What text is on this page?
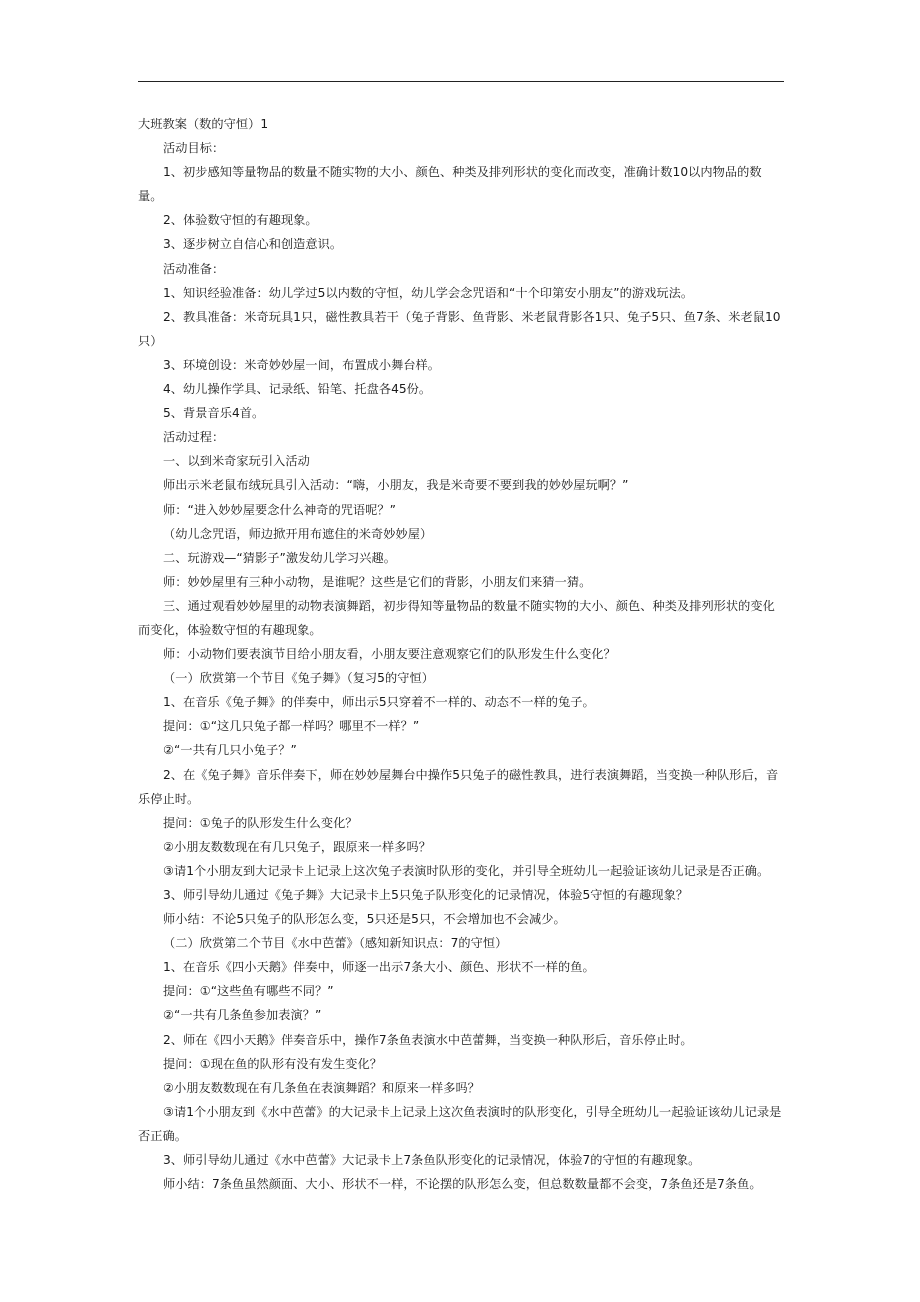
大班教案（数的守恒）1

活动目标：

1、初步感知等量物品的数量不随实物的大小、颜色、种类及排列形状的变化而改变，准确计数10以内物品的数量。

2、体验数守恒的有趣现象。

3、逐步树立自信心和创造意识。

活动准备：

1、知识经验准备：幼儿学过5以内数的守恒，幼儿学会念咒语和“十个印第安小朋友”的游戏玩法。

2、教具准备：米奇玩具1只，磁性教具若干（兔子背影、鱼背影、米老鼠背影各1只、兔子5只、鱼7条、米老鼠10只）

3、环境创设：米奇妙妙屋一间，布置成小舞台样。

4、幼儿操作学具、记录纸、铅笔、托盘各45份。

5、背景音乐4首。

活动过程：

一、以到米奇家玩引入活动

师出示米老鼠布绒玩具引入活动：“嗨，小朋友，我是米奇要不要到我的妙妙屋玩啊？”

师：“进入妙妙屋要念什么神奇的咒语呢？”

（幼儿念咒语，师边掀开用布遮住的米奇妙妙屋）

二、玩游戏—“猜影子”激发幼儿学习兴趣。

师：妙妙屋里有三种小动物，是谁呢？这些是它们的背影，小朋友们来猜一猜。

三、通过观看妙妙屋里的动物表演舞蹈，初步得知等量物品的数量不随实物的大小、颜色、种类及排列形状的变化而变化，体验数守恒的有趣现象。

师：小动物们要表演节目给小朋友看，小朋友要注意观察它们的队形发生什么变化？

（一）欣赏第一个节目《兔子舞》（复习5的守恒）

1、在音乐《兔子舞》的伴奏中，师出示5只穿着不一样的、动态不一样的兔子。

提问：①“这几只兔子都一样吗？哪里不一样？”

②“一共有几只小兔子？”

2、在《兔子舞》音乐伴奏下，师在妙妙屋舞台中操作5只兔子的磁性教具，进行表演舞蹈，当变换一种队形后，音乐停止时。

提问：①兔子的队形发生什么变化？

②小朋友数数现在有几只兔子，跟原来一样多吗？

③请1个小朋友到大记录卡上记录上这次兔子表演时队形的变化，并引导全班幼儿一起验证该幼儿记录是否正确。

3、师引导幼儿通过《兔子舞》大记录卡上5只兔子队形变化的记录情况，体验5守恒的有趣现象？

师小结：不论5只兔子的队形怎么变，5只还是5只，不会增加也不会减少。

（二）欣赏第二个节目《水中芭蕾》（感知新知识点：7的守恒）

1、在音乐《四小天鹅》伴奏中，师逐一出示7条大小、颜色、形状不一样的鱼。

提问：①“这些鱼有哪些不同？”

②“一共有几条鱼参加表演？”

2、师在《四小天鹅》伴奏音乐中，操作7条鱼表演水中芭蕾舞，当变换一种队形后，音乐停止时。

提问：①现在鱼的队形有没有发生变化？

②小朋友数数现在有几条鱼在表演舞蹈？和原来一样多吗？

③请1个小朋友到《水中芭蕾》的大记录卡上记录上这次鱼表演时的队形变化，引导全班幼儿一起验证该幼儿记录是否正确。

3、师引导幼儿通过《水中芭蕾》大记录卡上7条鱼队形变化的记录情况，体验7的守恒的有趣现象。

师小结：7条鱼虽然颜面、大小、形状不一样，不论摆的队形怎么变，但总数数量都不会变，7条鱼还是7条鱼。
